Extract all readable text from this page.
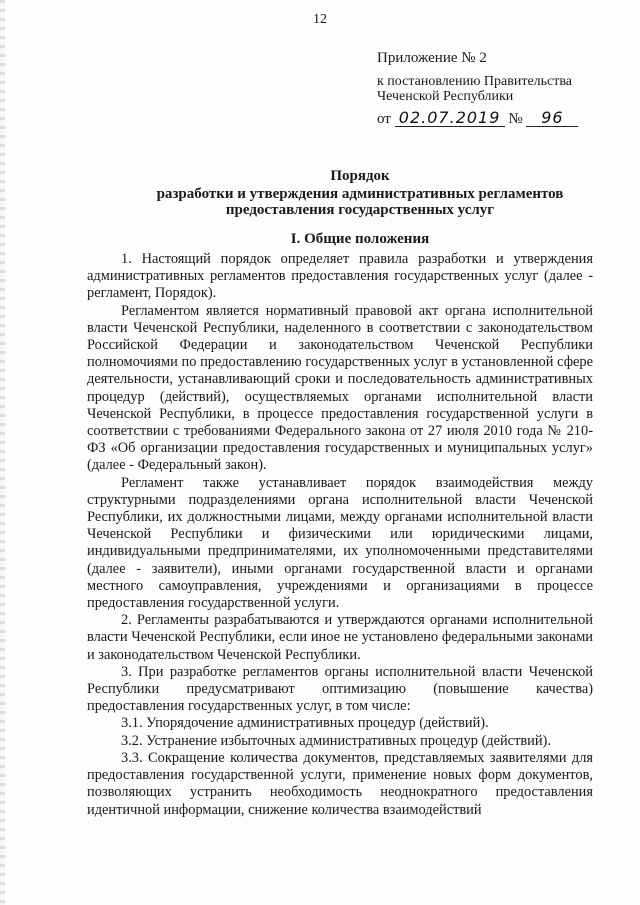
12
Приложение № 2
к постановлению Правительства
Чеченской Республики
от 02.07.2019 № 96
Порядок
разработки и утверждения административных регламентов
предоставления государственных услуг
I. Общие положения

1. Настоящий порядок определяет правила разработки и утверждения административных регламентов предоставления государственных услуг (далее - регламент, Порядок).

Регламентом является нормативный правовой акт органа исполнительной власти Чеченской Республики, наделенного в соответствии с законодательством Российской Федерации и законодательством Чеченской Республики полномочиями по предоставлению государственных услуг в установленной сфере деятельности, устанавливающий сроки и последовательность административных процедур (действий), осуществляемых органами исполнительной власти Чеченской Республики, в процессе предоставления государственной услуги в соответствии с требованиями Федерального закона от 27 июля 2010 года № 210-ФЗ «Об организации предоставления государственных и муниципальных услуг» (далее - Федеральный закон).

Регламент также устанавливает порядок взаимодействия между структурными подразделениями органа исполнительной власти Чеченской Республики, их должностными лицами, между органами исполнительной власти Чеченской Республики и физическими или юридическими лицами, индивидуальными предпринимателями, их уполномоченными представителями (далее - заявители), иными органами государственной власти и органами местного самоуправления, учреждениями и организациями в процессе предоставления государственной услуги.

2. Регламенты разрабатываются и утверждаются органами исполнительной власти Чеченской Республики, если иное не установлено федеральными законами и законодательством Чеченской Республики.

3. При разработке регламентов органы исполнительной власти Чеченской Республики предусматривают оптимизацию (повышение качества) предоставления государственных услуг, в том числе:

3.1. Упорядочение административных процедур (действий).

3.2. Устранение избыточных административных процедур (действий).

3.3. Сокращение количества документов, представляемых заявителями для предоставления государственной услуги, применение новых форм документов, позволяющих устранить необходимость неоднократного предоставления идентичной информации, снижение количества взаимодействий
